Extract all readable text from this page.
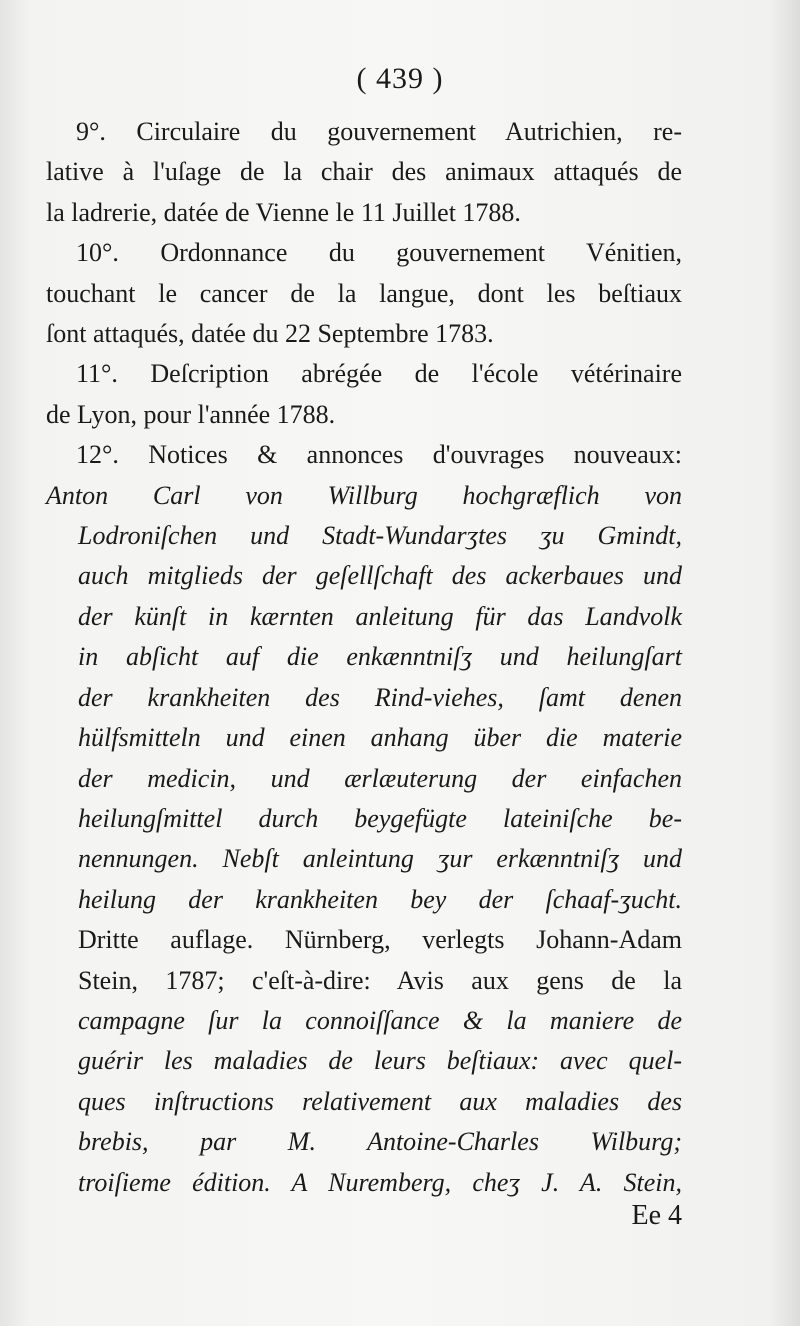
( 439 )
9°. Circulaire du gouvernement Autrichien, re-
lative à l'uſage de la chair des animaux attaqués de
la ladrerie, datée de Vienne le 11 Juillet 1788.
10°. Ordonnance du gouvernement Vénitien,
touchant le cancer de la langue, dont les beſtiaux
ſont attaqués, datée du 22 Septembre 1783.
11°. Deſcription abrégée de l'école vétérinaire
de Lyon, pour l'année 1788.
12°. Notices & annonces d'ouvrages nouveaux:
Anton Carl von Willburg hochgræflich von
Lodroniſchen und Stadt-Wundarʒtes ʒu Gmindt,
auch mitglieds der geſellſchaft des ackerbaues und
der künſt in kærnten anleitung für das Landvolk
in abſicht auf die enkænntniſʒ und heilungſart
der krankheiten des Rind-viehes, ſamt denen
hülfsmitteln und einen anhang über die materie
der medicin, und ærlæuterung der einfachen
heilungſmittel durch beygefügte lateiniſche be-
nennungen. Nebſt anleintung ʒur erkænntniſʒ und
heilung der krankheiten bey der ſchaaf-ʒucht.
Dritte auflage. Nürnberg, verlegts Johann-Adam
Stein, 1787; c'eſt-à-dire: Avis aux gens de la
campagne ſur la connoiſſance & la maniere de
guérir les maladies de leurs beſtiaux: avec quel-
ques inſtructions relativement aux maladies des
brebis, par M. Antoine-Charles Wilburg;
troiſieme édition. A Nuremberg, cheʒ J. A. Stein,
Ee 4
